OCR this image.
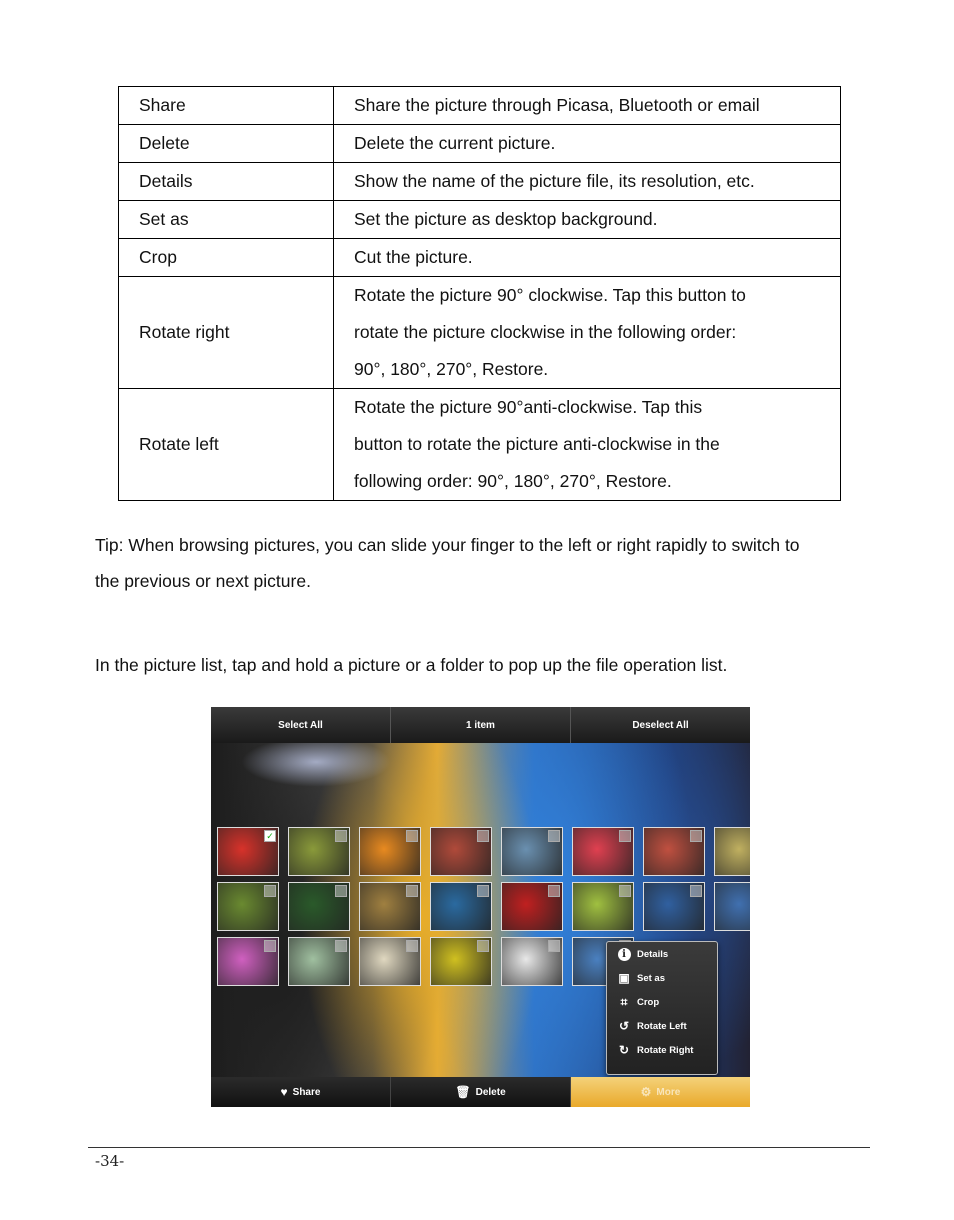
Share	Share the picture through Picasa, Bluetooth or email

Delete	Delete the current picture.

Details	Show the name of the picture file, its resolution, etc.

Set as	Set the picture as desktop background.

Crop	Cut the picture.

Rotate right	Rotate the picture 90° clockwise. Tap this button to
rotate the picture clockwise in the following order:
90°, 180°, 270°, Restore.

Rotate left	Rotate the picture 90°anti-clockwise. Tap this
button to rotate the picture anti-clockwise in the
following order: 90°, 180°, 270°, Restore.

Tip: When browsing pictures, you can slide your finger to the left or right rapidly to switch to
the previous or next picture.

In the picture list, tap and hold a picture or a folder to pop up the file operation list.

Select All	1 item	Deselect All
✓
i	Details
▣ Set as
⌗	Crop
↺ Rotate Left
↻ Rotate Right
♥ Share	🗑 Delete	⚙ More
-34-
